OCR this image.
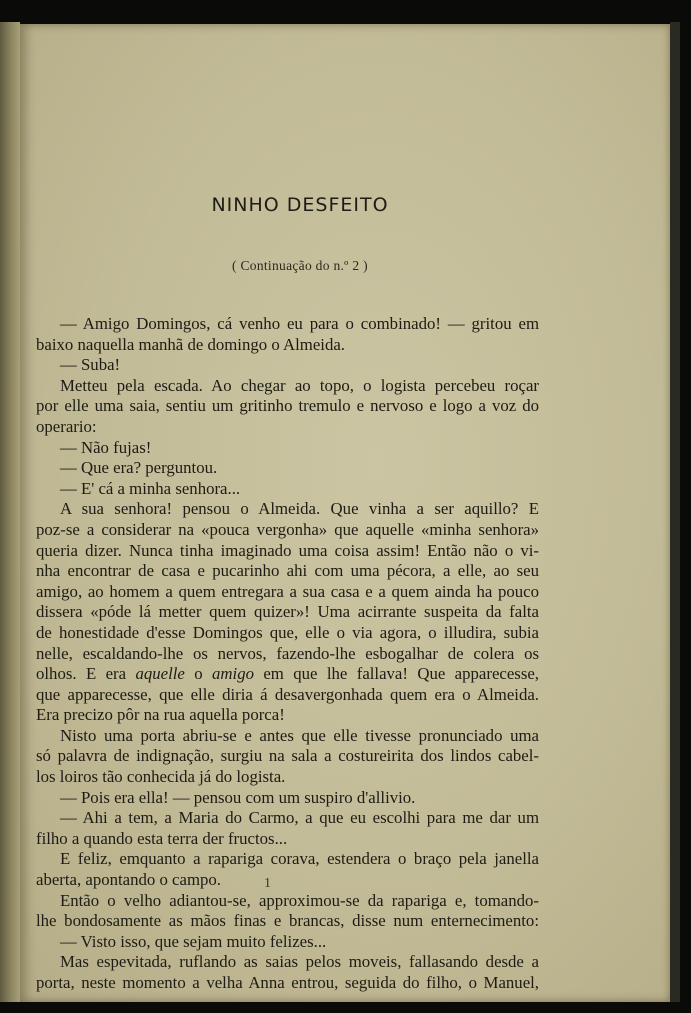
NINHO DESFEITO
( Continuação do n.º 2 )
— Amigo Domingos, cá venho eu para o combinado! — gritou em
baixo naquella manhã de domingo o Almeida.
— Suba!
Metteu pela escada. Ao chegar ao topo, o logista percebeu roçar
por elle uma saia, sentiu um gritinho tremulo e nervoso e logo a voz do
operario:
— Não fujas!
— Que era? perguntou.
— E' cá a minha senhora...
A sua senhora! pensou o Almeida. Que vinha a ser aquillo? E
poz-se a considerar na «pouca vergonha» que aquelle «minha senhora»
queria dizer. Nunca tinha imaginado uma coisa assim! Então não o vi-
nha encontrar de casa e pucarinho ahi com uma pécora, a elle, ao seu
amigo, ao homem a quem entregara a sua casa e a quem ainda ha pouco
dissera «póde lá metter quem quizer»! Uma acirrante suspeita da falta
de honestidade d'esse Domingos que, elle o via agora, o illudira, subia
nelle, escaldando-lhe os nervos, fazendo-lhe esbogalhar de colera os
olhos. E era aquelle o amigo em que lhe fallava! Que apparecesse,
que apparecesse, que elle diria á desavergonhada quem era o Almeida.
Era precizo pôr na rua aquella porca!
Nisto uma porta abriu-se e antes que elle tivesse pronunciado uma
só palavra de indignação, surgiu na sala a costureirita dos lindos cabel-
los loiros tão conhecida já do logista.
— Pois era ella! — pensou com um suspiro d'allivio.
— Ahi a tem, a Maria do Carmo, a que eu escolhi para me dar um
filho a quando esta terra der fructos...
E feliz, emquanto a rapariga corava, estendera o braço pela janella
aberta, apontando o campo.
Então o velho adiantou-se, approximou-se da rapariga e, tomando-
lhe bondosamente as mãos finas e brancas, disse num enternecimento:
— Visto isso, que sejam muito felizes...
Mas espevitada, ruflando as saias pelos moveis, fallasando desde a
porta, neste momento a velha Anna entrou, seguida do filho, o Manuel,
1
